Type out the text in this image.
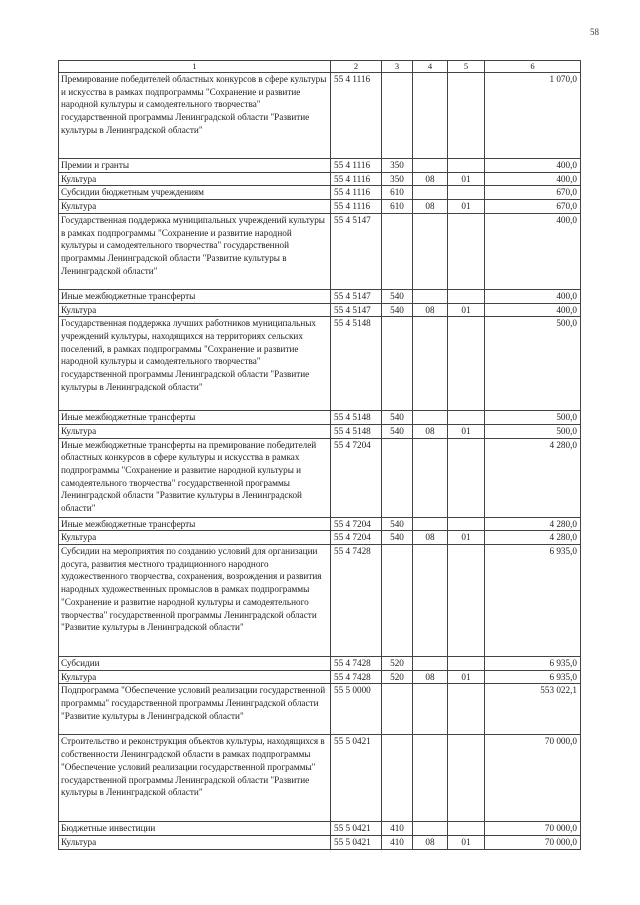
58
1	2	3	4	5	6
Премирование победителей областных конкурсов в сфере культуры и искусства в рамках подпрограммы "Сохранение и развитие народной культуры и самодеятельного творчества" государственной программы Ленинградской области "Развитие культуры в Ленинградской области"	55 4 1116				1 070,0
Премии и гранты	55 4 1116	350			400,0
Культура	55 4 1116	350	08	01	400,0
Субсидии бюджетным учреждениям	55 4 1116	610			670,0
Культура	55 4 1116	610	08	01	670,0
Государственная поддержка муниципальных учреждений культуры в рамках подпрограммы "Сохранение и развитие народной культуры и самодеятельного творчества" государственной программы Ленинградской области "Развитие культуры в Ленинградской области"	55 4 5147				400,0
Иные межбюджетные трансферты	55 4 5147	540			400,0
Культура	55 4 5147	540	08	01	400,0
Государственная поддержка лучших работников муниципальных учреждений культуры, находящихся на территориях сельских поселений, в рамках подпрограммы "Сохранение и развитие народной культуры и самодеятельного творчества" государственной программы Ленинградской области "Развитие культуры в Ленинградской области"	55 4 5148				500,0
Иные межбюджетные трансферты	55 4 5148	540			500,0
Культура	55 4 5148	540	08	01	500,0
Иные межбюджетные трансферты на премирование победителей областных конкурсов в сфере культуры и искусства в рамках подпрограммы "Сохранение и развитие народной культуры и самодеятельного творчества" государственной программы Ленинградской области "Развитие культуры в Ленинградской области"	55 4 7204				4 280,0
Иные межбюджетные трансферты	55 4 7204	540			4 280,0
Культура	55 4 7204	540	08	01	4 280,0
Субсидии на мероприятия по созданию условий для организации досуга, развития местного традиционного народного художественного творчества, сохранения, возрождения и развития народных художественных промыслов в рамках подпрограммы "Сохранение и развитие народной культуры и самодеятельного творчества" государственной программы Ленинградской области "Развитие культуры в Ленинградской области"	55 4 7428				6 935,0
Субсидии	55 4 7428	520			6 935,0
Культура	55 4 7428	520	08	01	6 935,0
Подпрограмма "Обеспечение условий реализации государственной программы" государственной программы Ленинградской области "Развитие культуры в Ленинградской области"	55 5 0000				553 022,1
Строительство и реконструкция объектов культуры, находящихся в собственности Ленинградской области в рамках подпрограммы "Обеспечение условий реализации государственной программы" государственной программы Ленинградской области "Развитие культуры в Ленинградской области"	55 5 0421				70 000,0
Бюджетные инвестиции	55 5 0421	410			70 000,0
Культура	55 5 0421	410	08	01	70 000,0
